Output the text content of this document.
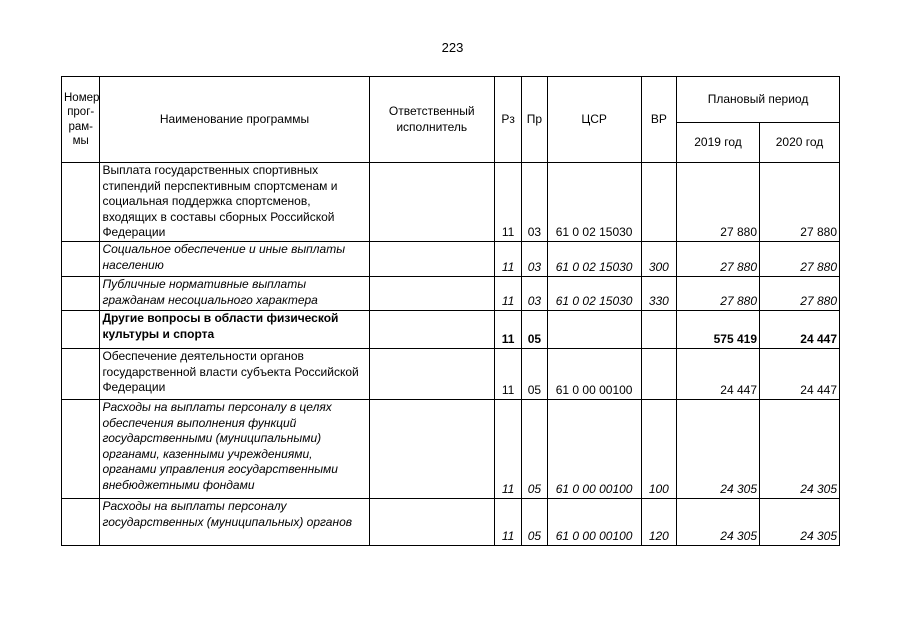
223
Номер прог- рам- мы	Наименование программы	Ответственный исполнитель	Рз	Пр	ЦСР	ВР	Плановый период	
							2019 год	2020 год
	Выплата государственных спортивных стипендий перспективным спортсменам и социальная поддержка спортсменов, входящих в составы сборных Российской Федерации		11	03	61 0 02 15030		27 880	27 880
	Социальное обеспечение и иные выплаты населению		11	03	61 0 02 15030	300	27 880	27 880
	Публичные нормативные выплаты гражданам несоциального характера		11	03	61 0 02 15030	330	27 880	27 880
	Другие вопросы в области физической культуры и спорта		11	05			575 419	24 447
	Обеспечение деятельности органов государственной власти субъекта Российской Федерации		11	05	61 0 00 00100		24 447	24 447
	Расходы на выплаты персоналу в целях обеспечения выполнения функций государственными (муниципальными) органами, казенными учреждениями, органами управления государственными внебюджетными фондами		11	05	61 0 00 00100	100	24 305	24 305
	Расходы на выплаты персоналу государственных (муниципальных) органов		11	05	61 0 00 00100	120	24 305	24 305
